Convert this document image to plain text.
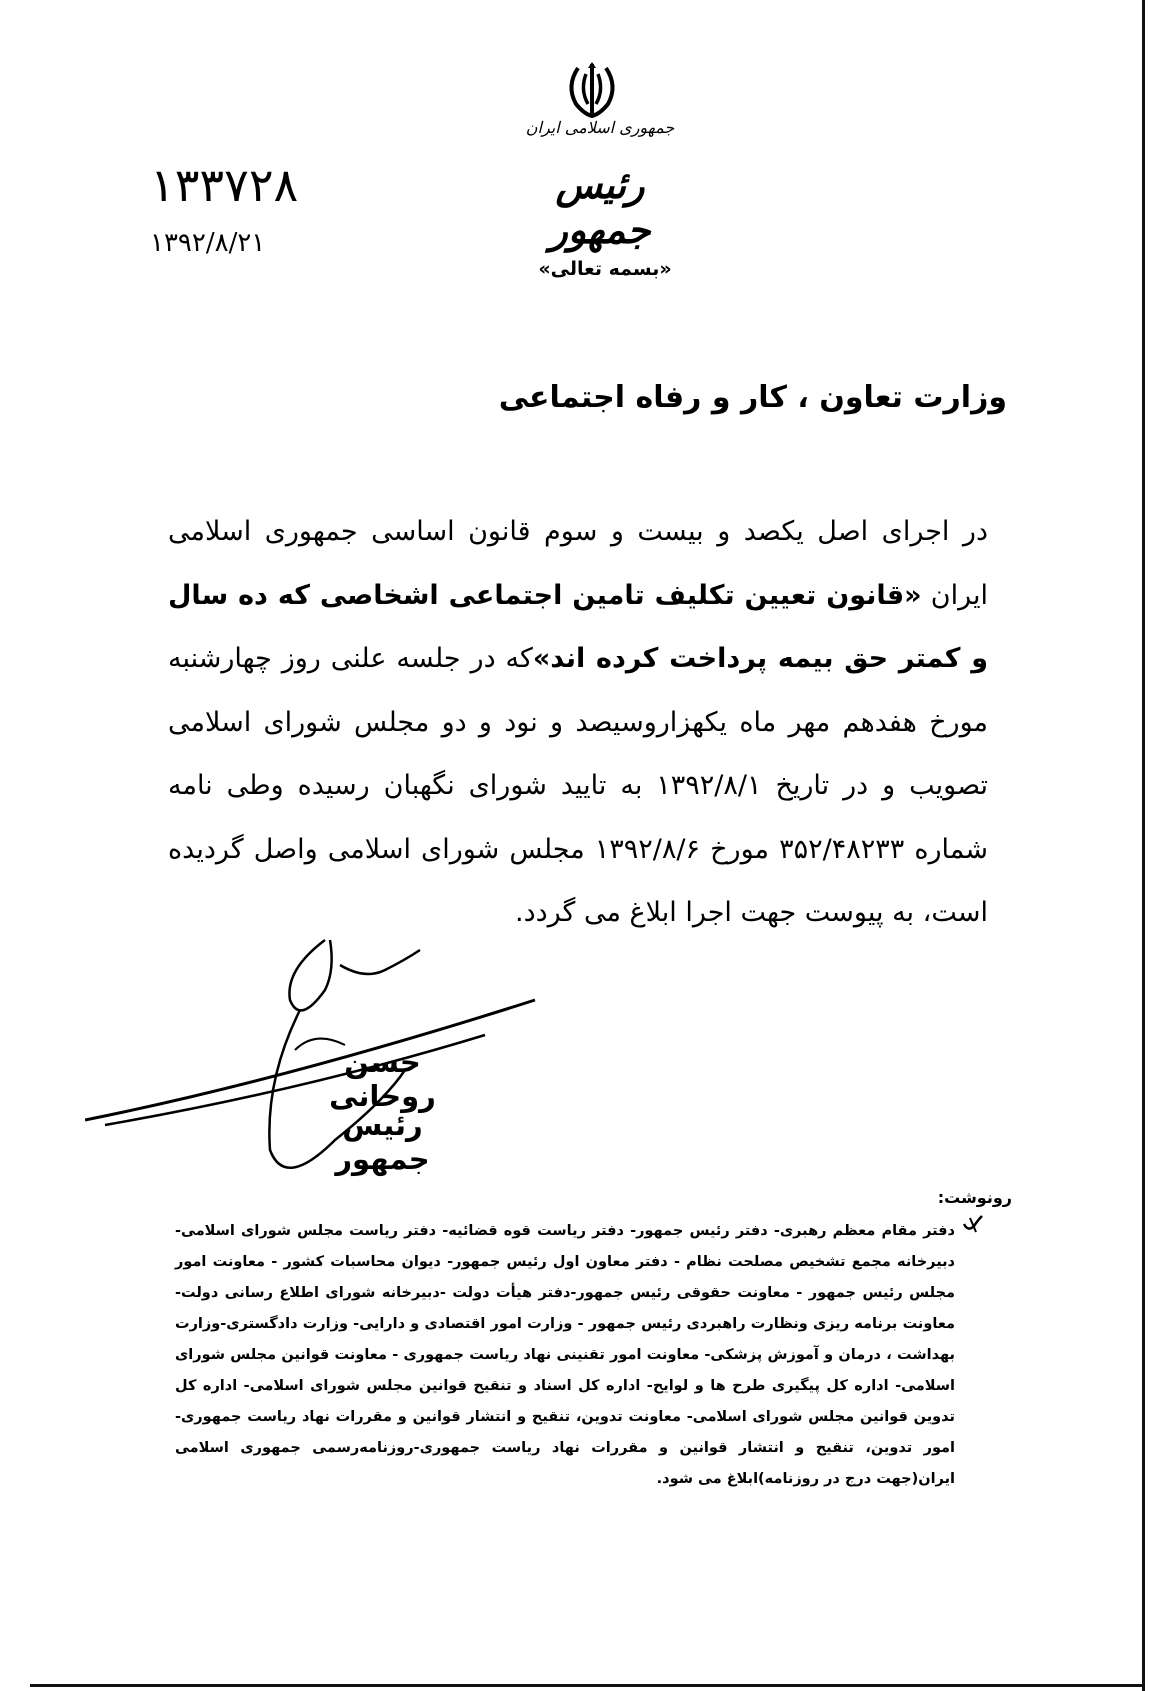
جمهوری اسلامی ایران
رئیس جمهور
۱۳۳۷۲۸
۱۳۹۲/۸/۲۱
«بسمه تعالی»
وزارت تعاون ، کار و رفاه اجتماعی

در اجرای اصل یکصد و بیست و سوم قانون اساسی جمهوری اسلامی ایران «قانون تعیین تکلیف تامین اجتماعی اشخاصی که ده سال و کمتر حق بیمه پرداخت کرده اند»که در جلسه علنی روز چهارشنبه مورخ هفدهم مهر ماه یکهزاروسیصد و نود و دو مجلس شورای اسلامی تصویب و در تاریخ ۱۳۹۲/۸/۱ به تایید شورای نگهبان رسیده وطی نامه شماره ۳۵۲/۴۸۲۳۳ مورخ ۱۳۹۲/۸/۶ مجلس شورای اسلامی واصل گردیده است، به پیوست جهت اجرا ابلاغ می گردد.

حسن روحانی
رئیس جمهور
رونوشت:

دفتر مقام معظم رهبری- دفتر رئیس جمهور- دفتر ریاست قوه قضائیه- دفتر ریاست مجلس شورای اسلامی- دبیرخانه مجمع تشخیص مصلحت نظام - دفتر معاون اول رئیس جمهور- دیوان محاسبات کشور - معاونت امور مجلس رئیس جمهور - معاونت حقوقی رئیس جمهور-دفتر هیأت دولت -دبیرخانه شورای اطلاع رسانی دولت-معاونت برنامه ریزی ونظارت راهبردی رئیس جمهور - وزارت امور اقتصادی و دارایی- وزارت دادگستری-وزارت بهداشت ، درمان و آموزش پزشکی- معاونت امور تقنینی نهاد ریاست جمهوری - معاونت قوانین مجلس شورای اسلامی- اداره کل پیگیری طرح ها و لوایح- اداره کل اسناد و تنقیح قوانین مجلس شورای اسلامی- اداره کل تدوین قوانین مجلس شورای اسلامی- معاونت تدوین، تنقیح و انتشار قوانین و مقررات نهاد ریاست جمهوری-امور تدوین، تنقیح و انتشار قوانین و مقررات نهاد ریاست جمهوری-روزنامه‌رسمی جمهوری اسلامی ایران(جهت درج در روزنامه)ابلاغ می شود.
